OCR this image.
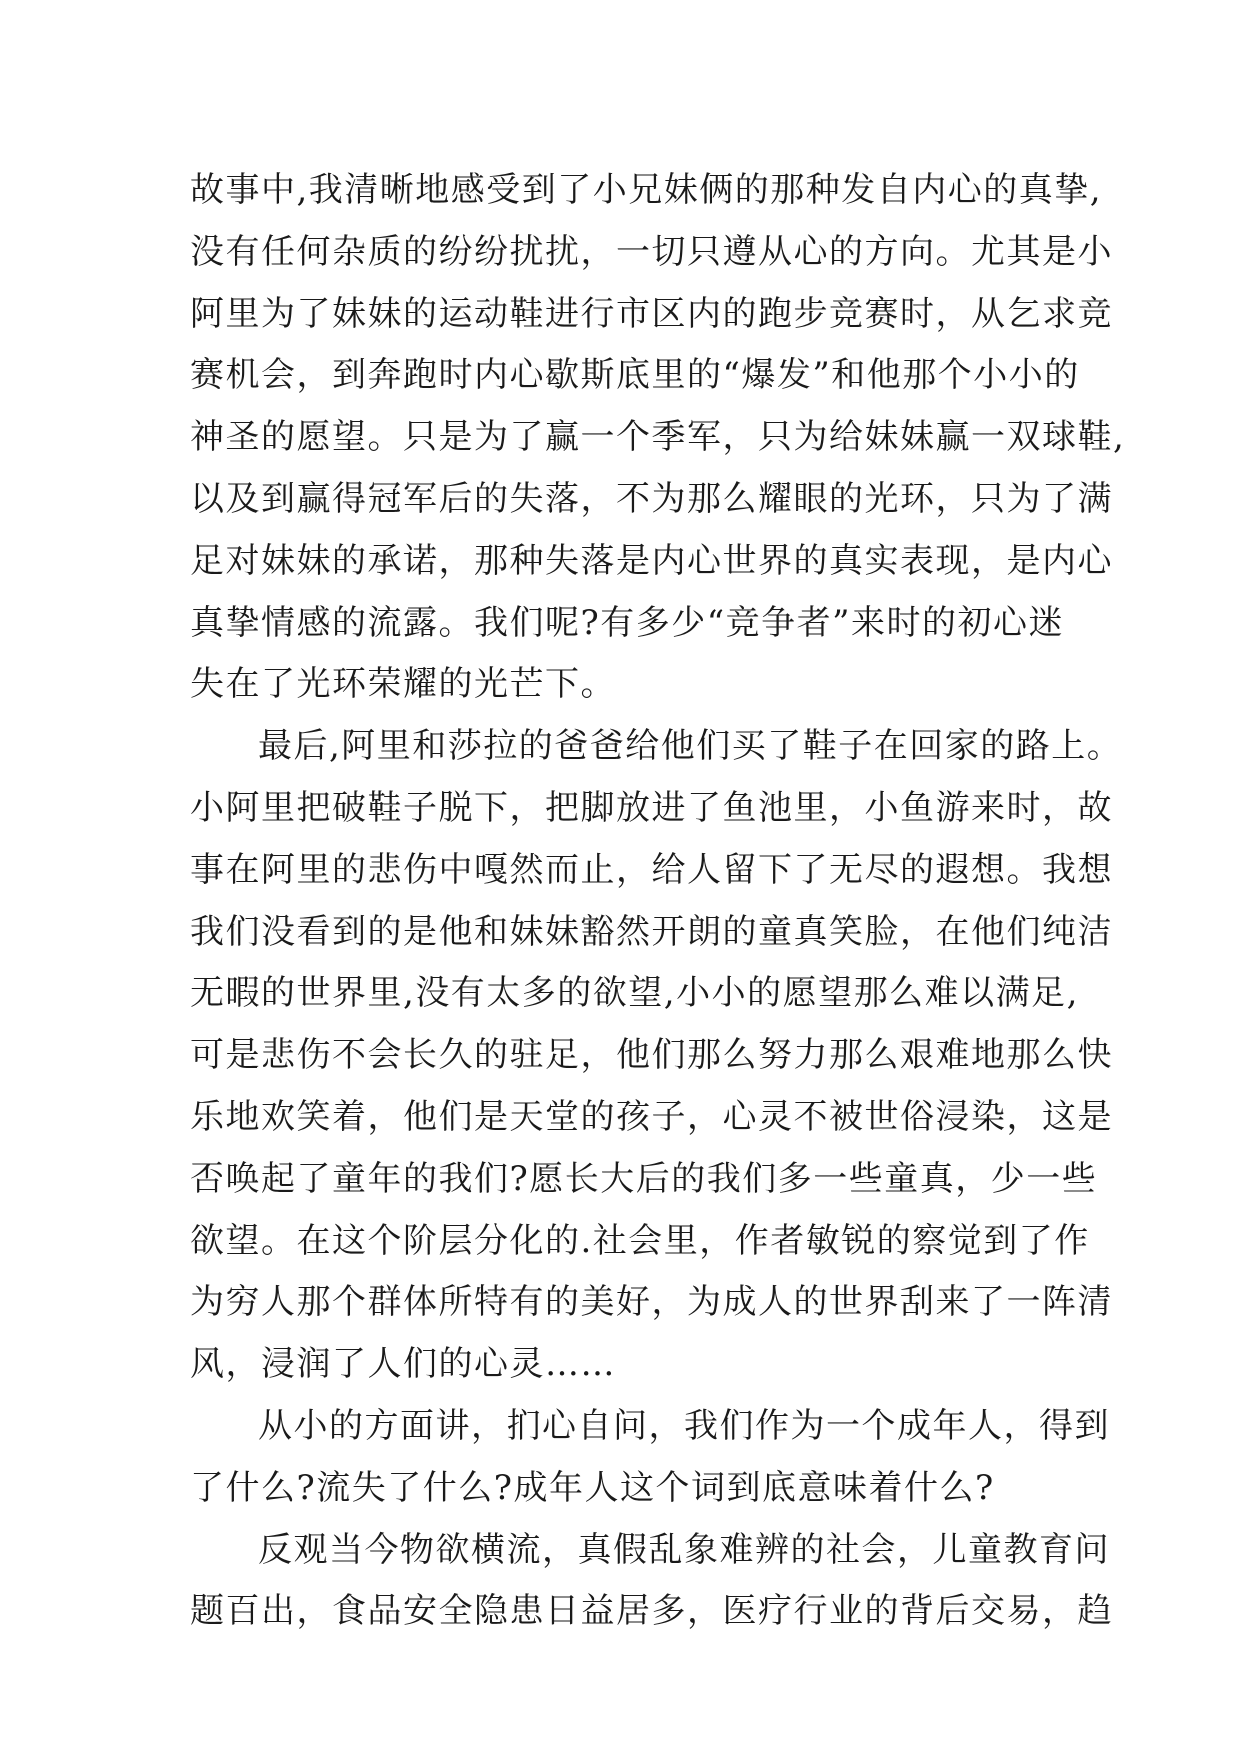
故事中,我清晰地感受到了小兄妹俩的那种发自内心的真挚,
没有任何杂质的纷纷扰扰，一切只遵从心的方向。尤其是小
阿里为了妹妹的运动鞋进行市区内的跑步竞赛时，从乞求竞
赛机会，到奔跑时内心歇斯底里的“爆发”和他那个小小的
神圣的愿望。只是为了赢一个季军，只为给妹妹赢一双球鞋,
以及到赢得冠军后的失落，不为那么耀眼的光环，只为了满
足对妹妹的承诺，那种失落是内心世界的真实表现，是内心
真挚情感的流露。我们呢?有多少“竞争者”来时的初心迷
失在了光环荣耀的光芒下。
最后,阿里和莎拉的爸爸给他们买了鞋子在回家的路上。
小阿里把破鞋子脱下，把脚放进了鱼池里，小鱼游来时，故
事在阿里的悲伤中嘎然而止，给人留下了无尽的遐想。我想
我们没看到的是他和妹妹豁然开朗的童真笑脸，在他们纯洁
无暇的世界里,没有太多的欲望,小小的愿望那么难以满足,
可是悲伤不会长久的驻足，他们那么努力那么艰难地那么快
乐地欢笑着，他们是天堂的孩子，心灵不被世俗浸染，这是
否唤起了童年的我们?愿长大后的我们多一些童真，少一些
欲望。在这个阶层分化的.社会里，作者敏锐的察觉到了作
为穷人那个群体所特有的美好，为成人的世界刮来了一阵清
风，浸润了人们的心灵……
从小的方面讲，扪心自问，我们作为一个成年人，得到
了什么?流失了什么?成年人这个词到底意味着什么?
反观当今物欲横流，真假乱象难辨的社会，儿童教育问
题百出，食品安全隐患日益居多，医疗行业的背后交易，趋
